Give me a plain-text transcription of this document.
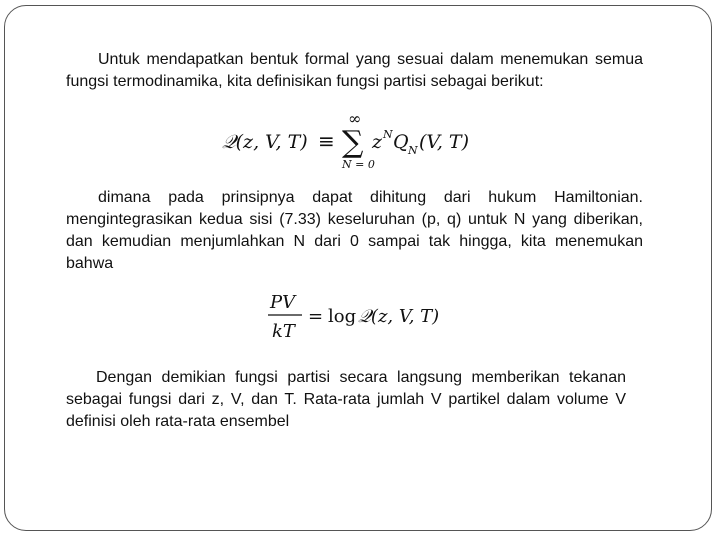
Untuk mendapatkan bentuk formal yang sesuai dalam menemukan semua fungsi termodinamika, kita definisikan fungsi partisi sebagai berikut:

𝒬(z, V, T) ≡
∞
∑
N = 0
z N Q N (V, T)

dimana pada prinsipnya dapat dihitung dari hukum Hamiltonian. mengintegrasikan kedua sisi (7.33) keseluruhan (p, q) untuk N yang diberikan, dan kemudian menjumlahkan N dari 0 sampai tak hingga, kita menemukan bahwa

PV
kT
= log 𝒬(z, V, T)

Dengan demikian fungsi partisi secara langsung memberikan tekanan sebagai fungsi dari z, V, dan T. Rata-rata jumlah V partikel dalam volume V definisi oleh rata-rata ensembel
